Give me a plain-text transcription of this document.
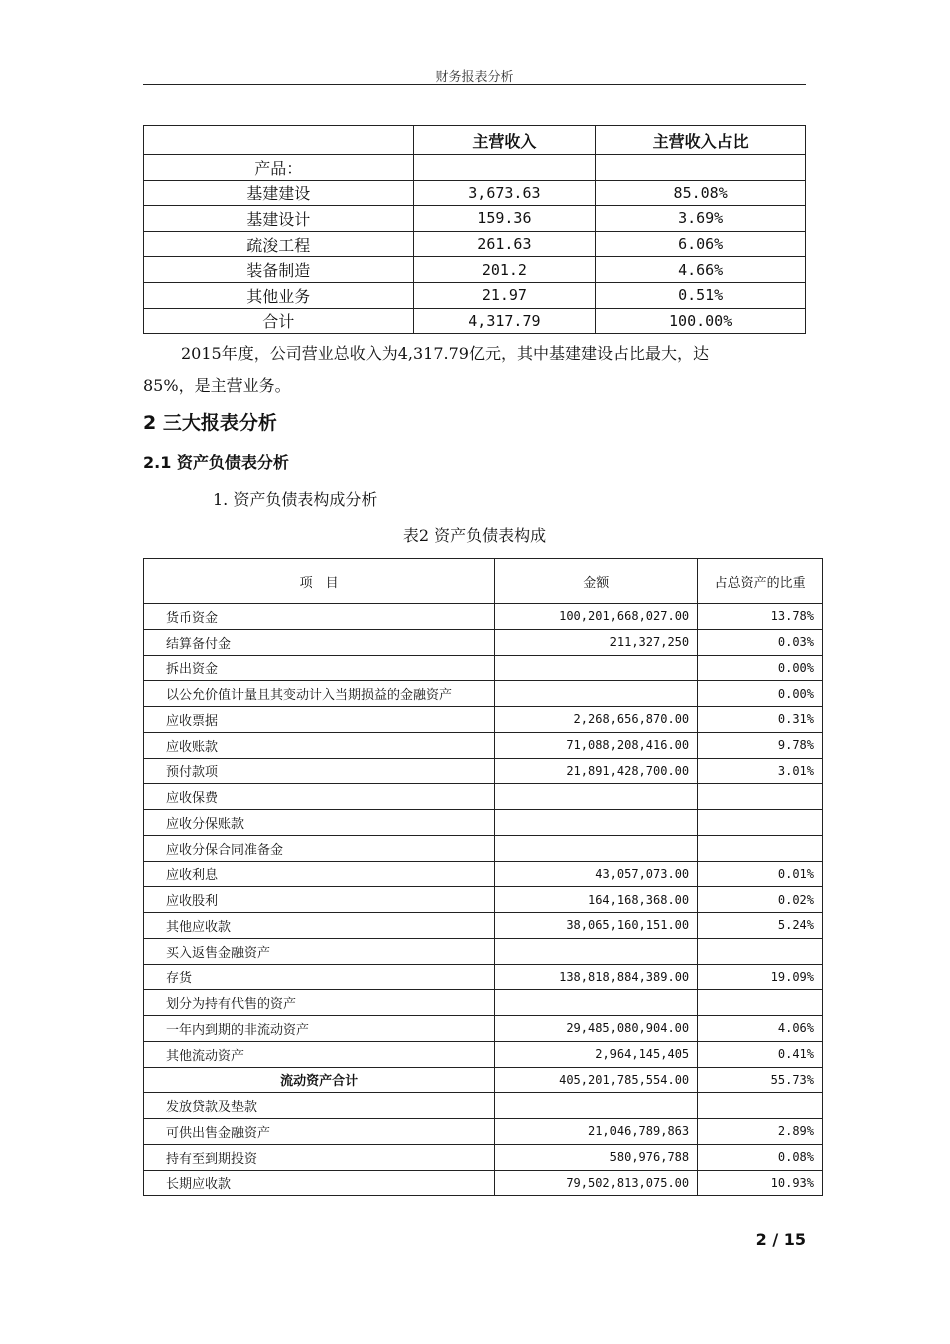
财务报表分析
	主营收入	主营收入占比
产品：		
基建建设	3,673.63	85.08%
基建设计	159.36	3.69%
疏浚工程	261.63	6.06%
装备制造	201.2	4.66%
其他业务	21.97	0.51%
合计	4,317.79	100.00%
2015年度，公司营业总收入为4,317.79亿元，其中基建建设占比最大，达
85%，是主营业务。
2 三大报表分析
2.1 资产负债表分析
1. 资产负债表构成分析
表2 资产负债表构成
项　目	金额	占总资产的比重
货币资金	100,201,668,027.00	13.78%
结算备付金	211,327,250	0.03%
拆出资金		0.00%
以公允价值计量且其变动计入当期损益的金融资产		0.00%
应收票据	2,268,656,870.00	0.31%
应收账款	71,088,208,416.00	9.78%
预付款项	21,891,428,700.00	3.01%
应收保费		
应收分保账款		
应收分保合同准备金		
应收利息	43,057,073.00	0.01%
应收股利	164,168,368.00	0.02%
其他应收款	38,065,160,151.00	5.24%
买入返售金融资产		
存货	138,818,884,389.00	19.09%
划分为持有代售的资产		
一年内到期的非流动资产	29,485,080,904.00	4.06%
其他流动资产	2,964,145,405	0.41%
流动资产合计	405,201,785,554.00	55.73%
发放贷款及垫款		
可供出售金融资产	21,046,789,863	2.89%
持有至到期投资	580,976,788	0.08%
长期应收款	79,502,813,075.00	10.93%
2 / 15
